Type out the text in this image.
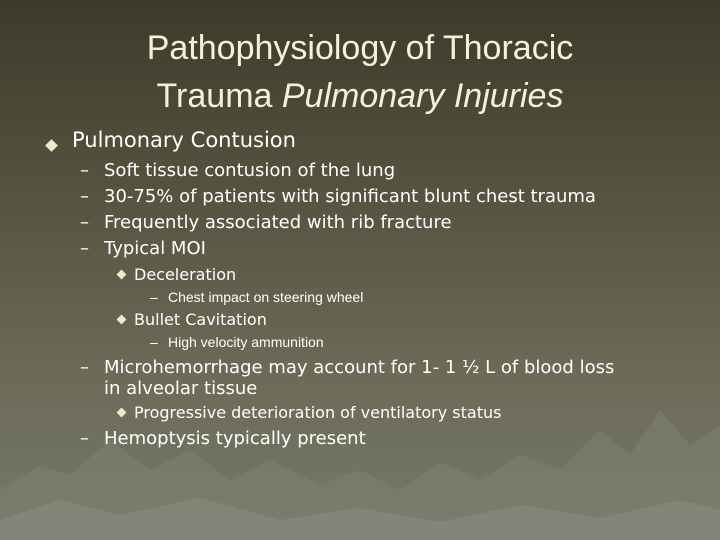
Pathophysiology of Thoracic
Trauma Pulmonary Injuries
Pulmonary Contusion
– Soft tissue contusion of the lung
– 30-75% of patients with significant blunt chest trauma
– Frequently associated with rib fracture
– Typical MOI
Deceleration
– Chest impact on steering wheel
Bullet Cavitation
– High velocity ammunition
– Microhemorrhage may account for 1- 1 ½ L of blood loss
in alveolar tissue
Progressive deterioration of ventilatory status
– Hemoptysis typically present
